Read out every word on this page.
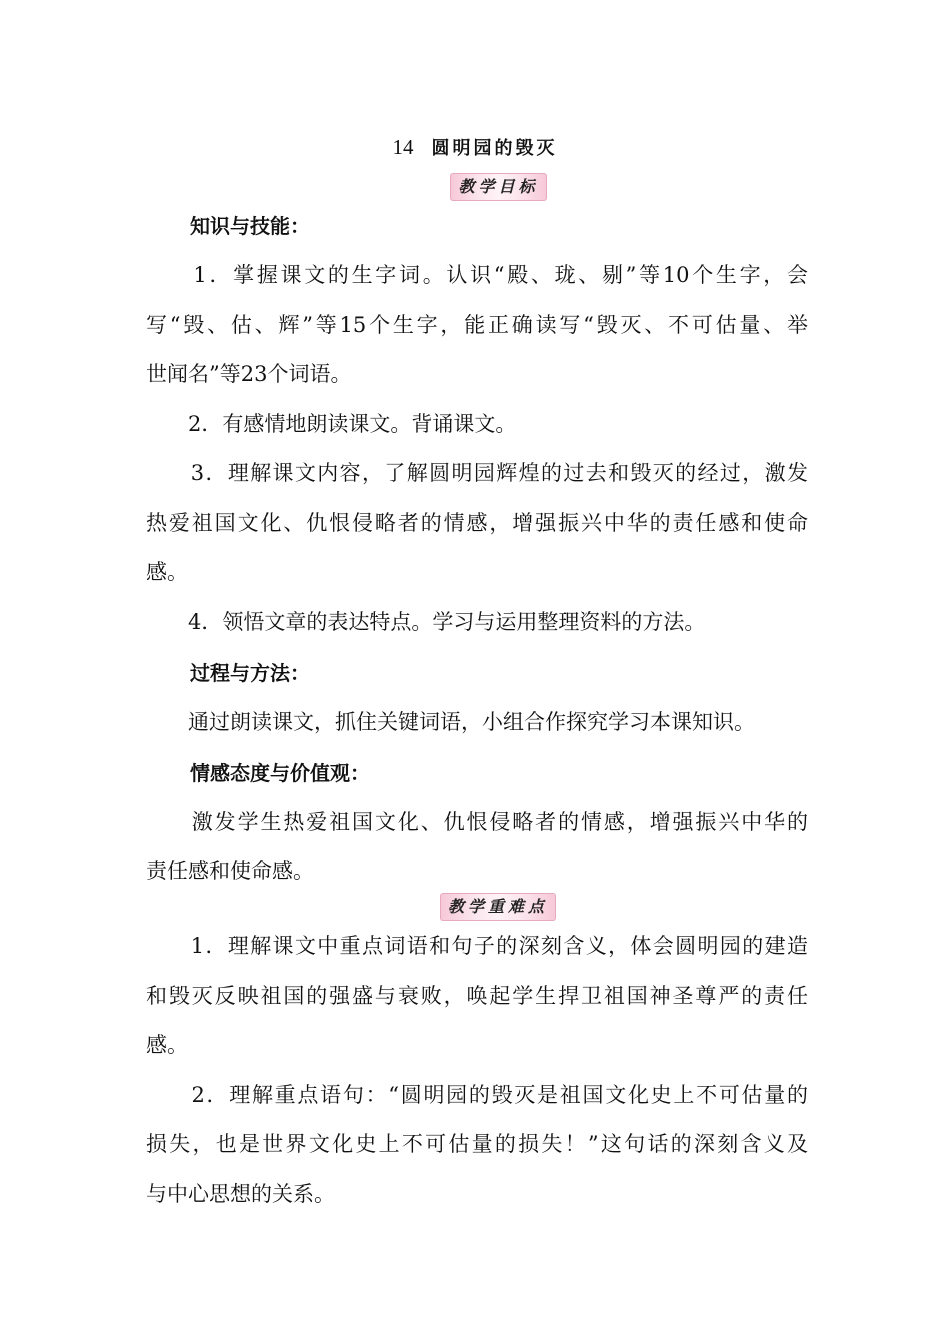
14 圆明园的毁灭
教学目标
知识与技能：
　　1．掌握课文的生字词。认识“殿、珑、剔”等10个生字，会
写“毁、估、辉”等15个生字，能正确读写“毁灭、不可估量、举
世闻名”等23个词语。
　　2．有感情地朗读课文。背诵课文。
　　3．理解课文内容，了解圆明园辉煌的过去和毁灭的经过，激发
热爱祖国文化、仇恨侵略者的情感，增强振兴中华的责任感和使命
感。
　　4．领悟文章的表达特点。学习与运用整理资料的方法。
过程与方法：
　　通过朗读课文，抓住关键词语，小组合作探究学习本课知识。
情感态度与价值观：
　　激发学生热爱祖国文化、仇恨侵略者的情感，增强振兴中华的
责任感和使命感。
教学重难点
　　1．理解课文中重点词语和句子的深刻含义，体会圆明园的建造
和毁灭反映祖国的强盛与衰败，唤起学生捍卫祖国神圣尊严的责任
感。
　　2．理解重点语句：“圆明园的毁灭是祖国文化史上不可估量的
损失，也是世界文化史上不可估量的损失！”这句话的深刻含义及
与中心思想的关系。
